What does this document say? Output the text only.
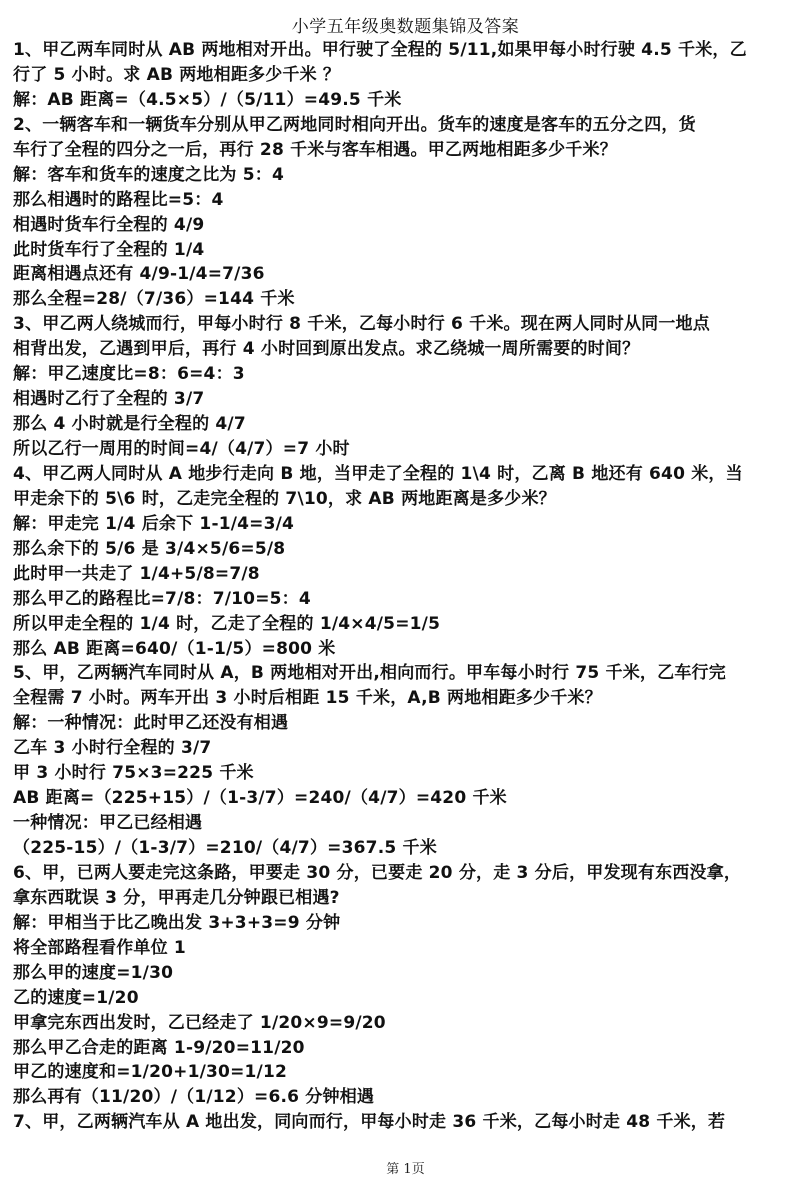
小学五年级奥数题集锦及答案
1、甲乙两车同时从 AB 两地相对开出。甲行驶了全程的 5/11,如果甲每小时行驶 4.5 千米，乙
行了 5 小时。求 AB 两地相距多少千米 ？
解：AB 距离=（4.5×5）/（5/11）=49.5 千米
2、一辆客车和一辆货车分别从甲乙两地同时相向开出。货车的速度是客车的五分之四，货
车行了全程的四分之一后，再行 28 千米与客车相遇。甲乙两地相距多少千米？
解：客车和货车的速度之比为 5：4
那么相遇时的路程比=5：4
相遇时货车行全程的 4/9
此时货车行了全程的 1/4
距离相遇点还有 4/9-1/4=7/36
那么全程=28/（7/36）=144 千米
3、甲乙两人绕城而行，甲每小时行 8 千米，乙每小时行 6 千米。现在两人同时从同一地点
相背出发，乙遇到甲后，再行 4 小时回到原出发点。求乙绕城一周所需要的时间？
解：甲乙速度比=8：6=4：3
相遇时乙行了全程的 3/7
那么 4 小时就是行全程的 4/7
所以乙行一周用的时间=4/（4/7）=7 小时
4、甲乙两人同时从 A 地步行走向 B 地，当甲走了全程的 1\4 时，乙离 B 地还有 640 米，当
甲走余下的 5\6 时，乙走完全程的 7\10，求 AB 两地距离是多少米？
解：甲走完 1/4 后余下 1-1/4=3/4
那么余下的 5/6 是 3/4×5/6=5/8
此时甲一共走了 1/4+5/8=7/8
那么甲乙的路程比=7/8：7/10=5：4
所以甲走全程的 1/4 时，乙走了全程的 1/4×4/5=1/5
那么 AB 距离=640/（1-1/5）=800 米
5、甲，乙两辆汽车同时从 A，B 两地相对开出,相向而行。甲车每小时行 75 千米，乙车行完
全程需 7 小时。两车开出 3 小时后相距 15 千米，A,B 两地相距多少千米？
解：一种情况：此时甲乙还没有相遇
乙车 3 小时行全程的 3/7
甲 3 小时行 75×3=225 千米
AB 距离=（225+15）/（1-3/7）=240/（4/7）=420 千米
一种情况：甲乙已经相遇
（225-15）/（1-3/7）=210/（4/7）=367.5 千米
6、甲，已两人要走完这条路，甲要走 30 分，已要走 20 分，走 3 分后，甲发现有东西没拿，
拿东西耽误 3 分，甲再走几分钟跟已相遇?
解：甲相当于比乙晚出发 3+3+3=9 分钟
将全部路程看作单位 1
那么甲的速度=1/30
乙的速度=1/20
甲拿完东西出发时，乙已经走了 1/20×9=9/20
那么甲乙合走的距离 1-9/20=11/20
甲乙的速度和=1/20+1/30=1/12
那么再有（11/20）/（1/12）=6.6 分钟相遇
7、甲，乙两辆汽车从 A 地出发，同向而行，甲每小时走 36 千米，乙每小时走 48 千米，若
第 1页
